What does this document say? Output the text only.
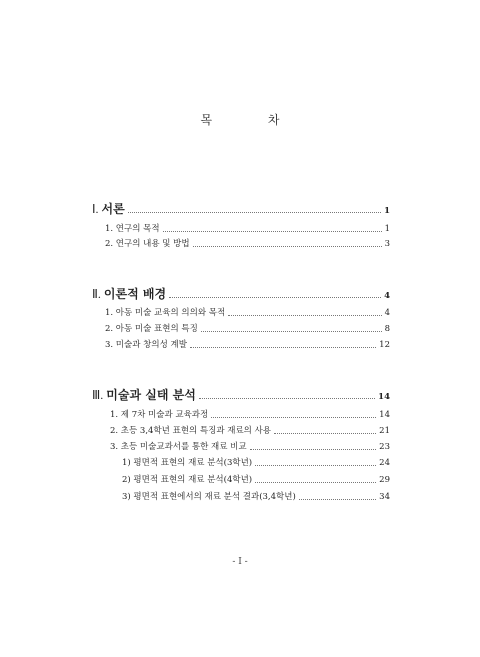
목 차
Ⅰ. 서론	1
1. 연구의 목적	1
2. 연구의 내용 및 방법	3
Ⅱ. 이론적 배경	4
1. 아동 미술 교육의 의의와 목적	4
2. 아동 미술 표현의 특징	8
3. 미술과 창의성 계발	12
Ⅲ. 미술과 실태 분석	14
1. 제 7차 미술과 교육과정	14
2. 초등 3,4학년 표현의 특징과 재료의 사용	21
3. 초등 미술교과서를 통한 재료 비교	23
1) 평면적 표현의 재료 분석(3학년)	24
2) 평면적 표현의 재료 분석(4학년)	29
3) 평면적 표현에서의 재료 분석 결과(3,4학년)	34
- Ⅰ -
